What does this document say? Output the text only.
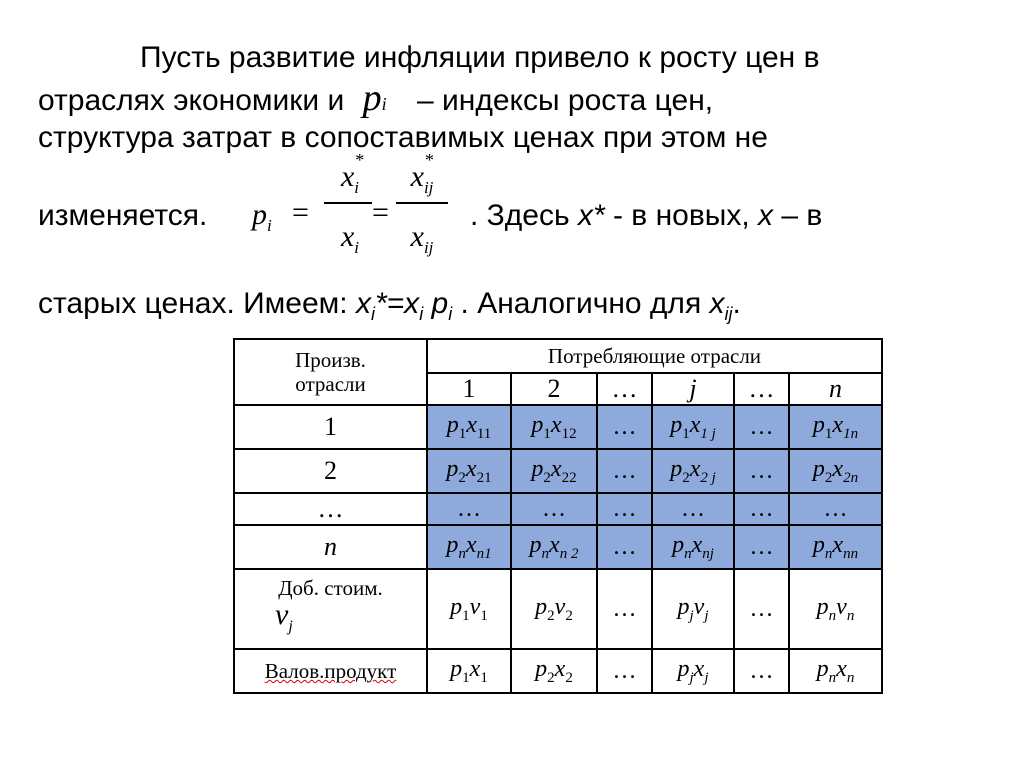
Пусть развитие инфляции привело к росту цен в
отраслях экономики и pi – индексы роста цен,
структура затрат в сопоставимых ценах при этом не
изменяется. $p_i$ =
x *
$_i$
$x_i$
=
x *
$_{ij}$
$x_{ij}$
. Здесь x* - в новых, x – в
старых ценах. Имеем: $x_i*=x_i$ $p_i$ . Аналогично для $x_{ij}$.
Произв.
отрасли	Потребляющие отрасли					
	1	2	…	j	…	n
1	$p_1x_{11}$	$p_1x_{12}$	…	$p_1x_{1 j}$	…	$p_1x_{1n}$
2	$p_2x_{21}$	$p_2x_{22}$	…	$p_2x_{2 j}$	…	$p_2x_{2n}$
…	…	…	…	…	…	…
n	$p_nx_{n1}$	$p_nx_{n 2}$	…	$p_nx_{nj}$	…	$p_nx_{nn}$

Доб. стоим.
$\nu_j$	$p_1\nu_1$	$p_2\nu_2$	…	$p_j\nu_j$	…	$p_n\nu_n$
Валов.продукт	$p_1x_1$	$p_2x_2$	…	$p_jx_j$	…	$p_nx_n$
